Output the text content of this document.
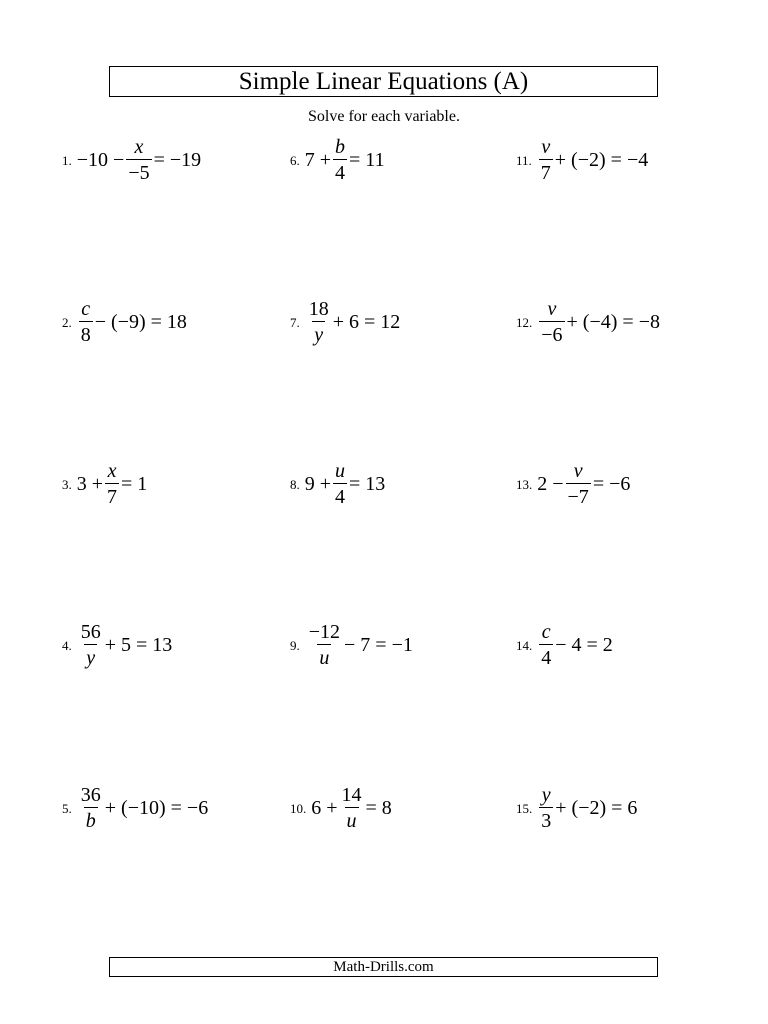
Simple Linear Equations (A)
Solve for each variable.
1. $-10 - \frac{x}{-5} = -19$
2. $\frac{c}{8} - (-9) = 18$
3. $3 + \frac{x}{7} = 1$
4. $\frac{56}{y} + 5 = 13$
5. $\frac{36}{b} + (-10) = -6$
6. $7 + \frac{b}{4} = 11$
7. $\frac{18}{y} + 6 = 12$
8. $9 + \frac{u}{4} = 13$
9. $\frac{-12}{u} - 7 = -1$
10. $6 + \frac{14}{u} = 8$
11. $\frac{v}{7} + (-2) = -4$
12. $\frac{v}{-6} + (-4) = -8$
13. $2 - \frac{v}{-7} = -6$
14. $\frac{c}{4} - 4 = 2$
15. $\frac{y}{3} + (-2) = 6$
Math-Drills.com
